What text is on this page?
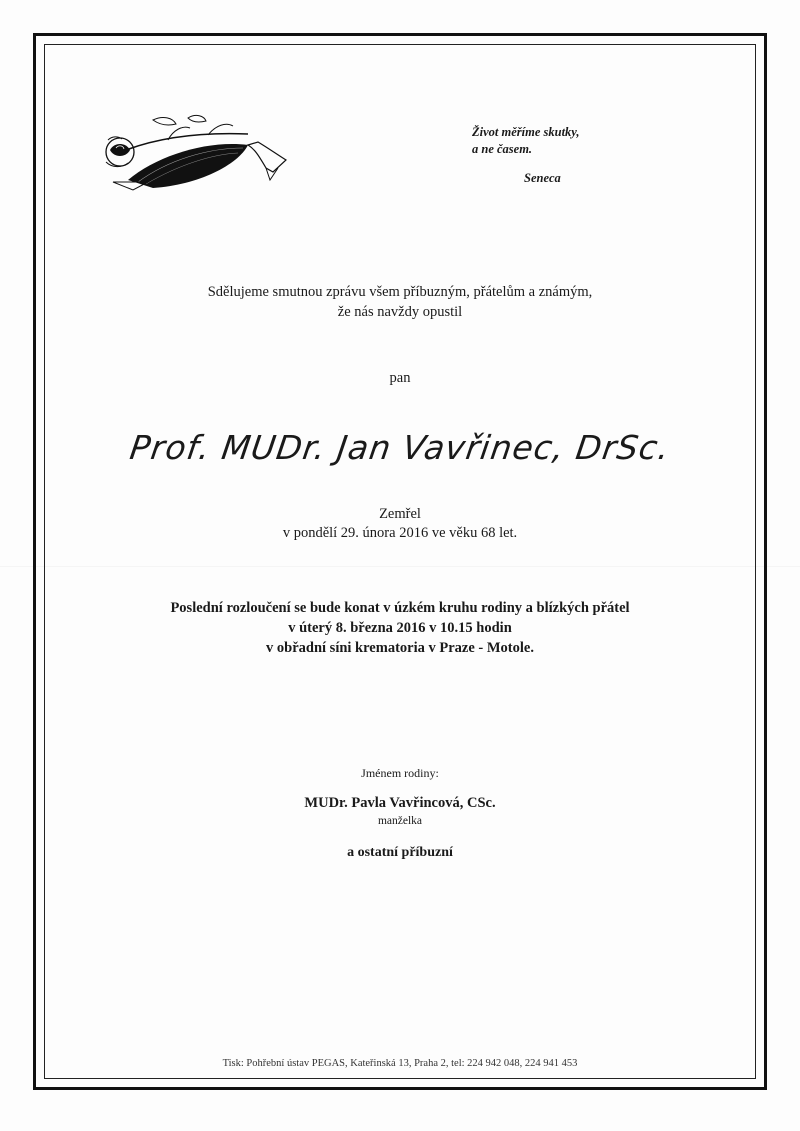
Život měříme skutky,
a ne časem.
Seneca
Sdělujeme smutnou zprávu všem příbuzným, přátelům a známým,
že nás navždy opustil
pan
Prof. MUDr. Jan Vavřinec, DrSc.
Zemřel
v pondělí 29. února 2016 ve věku 68 let.
Poslední rozloučení se bude konat v úzkém kruhu rodiny a blízkých přátel
v úterý 8. března 2016 v 10.15 hodin
v obřadní síni krematoria v Praze - Motole.
Jménem rodiny:
MUDr. Pavla Vavřincová, CSc.
manželka
a ostatní příbuzní
Tisk: Pohřební ústav PEGAS, Kateřinská 13, Praha 2, tel: 224 942 048, 224 941 453
